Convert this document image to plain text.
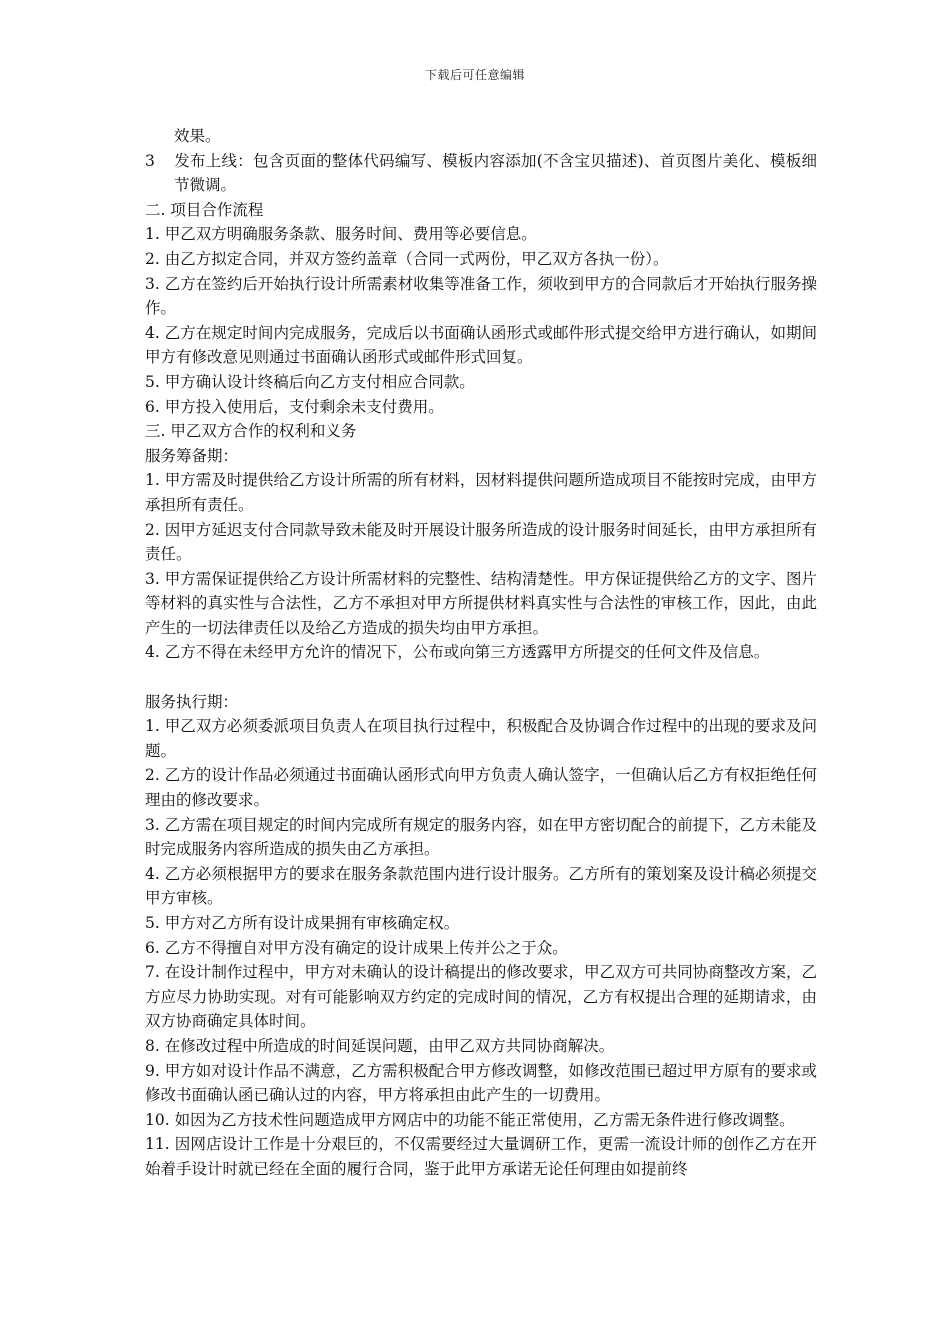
下载后可任意编辑

效果。

3 发布上线：包含页面的整体代码编写、模板内容添加(不含宝贝描述)、首页图片美化、模板细节微调。

二. 项目合作流程

1. 甲乙双方明确服务条款、服务时间、费用等必要信息。

2. 由乙方拟定合同，并双方签约盖章（合同一式两份，甲乙双方各执一份）。

3. 乙方在签约后开始执行设计所需素材收集等准备工作，须收到甲方的合同款后才开始执行服务操作。

4. 乙方在规定时间内完成服务，完成后以书面确认函形式或邮件形式提交给甲方进行确认，如期间甲方有修改意见则通过书面确认函形式或邮件形式回复。

5. 甲方确认设计终稿后向乙方支付相应合同款。

6. 甲方投入使用后，支付剩余未支付费用。

三. 甲乙双方合作的权利和义务

服务筹备期：

1. 甲方需及时提供给乙方设计所需的所有材料，因材料提供问题所造成项目不能按时完成，由甲方承担所有责任。

2. 因甲方延迟支付合同款导致未能及时开展设计服务所造成的设计服务时间延长，由甲方承担所有责任。

3. 甲方需保证提供给乙方设计所需材料的完整性、结构清楚性。甲方保证提供给乙方的文字、图片等材料的真实性与合法性，乙方不承担对甲方所提供材料真实性与合法性的审核工作，因此，由此产生的一切法律责任以及给乙方造成的损失均由甲方承担。

4. 乙方不得在未经甲方允许的情况下，公布或向第三方透露甲方所提交的任何文件及信息。

服务执行期：

1. 甲乙双方必须委派项目负责人在项目执行过程中，积极配合及协调合作过程中的出现的要求及问题。

2. 乙方的设计作品必须通过书面确认函形式向甲方负责人确认签字，一但确认后乙方有权拒绝任何理由的修改要求。

3. 乙方需在项目规定的时间内完成所有规定的服务内容，如在甲方密切配合的前提下，乙方未能及时完成服务内容所造成的损失由乙方承担。

4. 乙方必须根据甲方的要求在服务条款范围内进行设计服务。乙方所有的策划案及设计稿必须提交甲方审核。

5. 甲方对乙方所有设计成果拥有审核确定权。

6. 乙方不得擅自对甲方没有确定的设计成果上传并公之于众。

7. 在设计制作过程中，甲方对未确认的设计稿提出的修改要求，甲乙双方可共同协商整改方案，乙方应尽力协助实现。对有可能影响双方约定的完成时间的情况，乙方有权提出合理的延期请求，由双方协商确定具体时间。

8. 在修改过程中所造成的时间延误问题，由甲乙双方共同协商解决。

9. 甲方如对设计作品不满意，乙方需积极配合甲方修改调整，如修改范围已超过甲方原有的要求或修改书面确认函已确认过的内容，甲方将承担由此产生的一切费用。

10. 如因为乙方技术性问题造成甲方网店中的功能不能正常使用，乙方需无条件进行修改调整。

11. 因网店设计工作是十分艰巨的，不仅需要经过大量调研工作，更需一流设计师的创作乙方在开始着手设计时就已经在全面的履行合同，鉴于此甲方承诺无论任何理由如提前终
